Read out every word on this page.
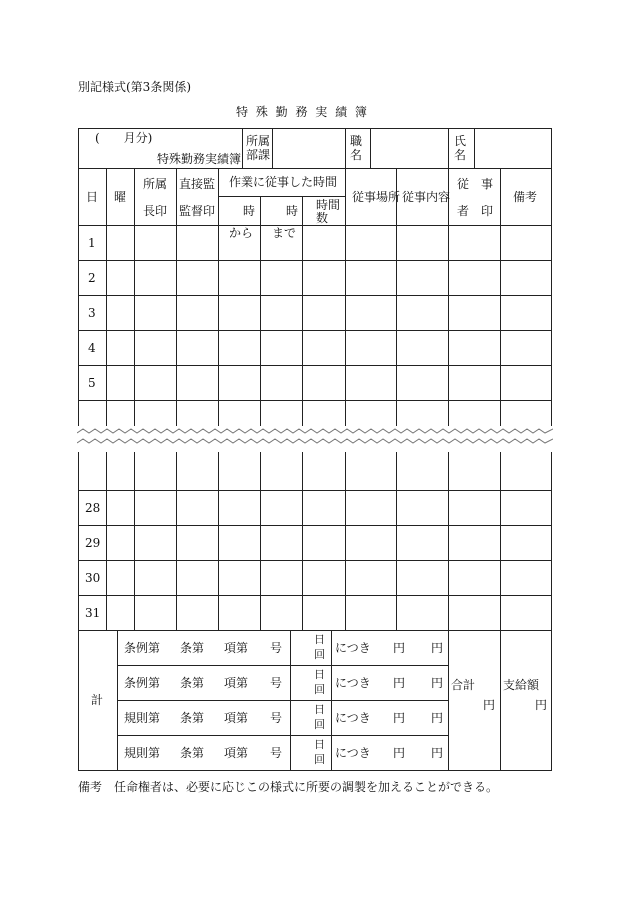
別記様式(第3条関係)
特 殊 勤 務 実 績 簿
(　　月分)
特殊勤務実績簿
所属
部課
職
名
氏
名
日 曜
所属
長印
直接監
監督印
作業に従事した時間
時	時 時間
数
従事場所 従事内容
従　事
者　印
備考
から まで
1
2
3
4
5
28
29
30
31
計
条例第 条第 項第 号
日
回 につき 円 円
条例第 条第 項第 号
日
回 につき 円 円
規則第 条第 項第 号
日
回 につき 円 円
規則第 条第 項第 号
日
回 につき 円 円
合計
円
支給額
円
備考　任命権者は、必要に応じこの様式に所要の調製を加えることができる。
